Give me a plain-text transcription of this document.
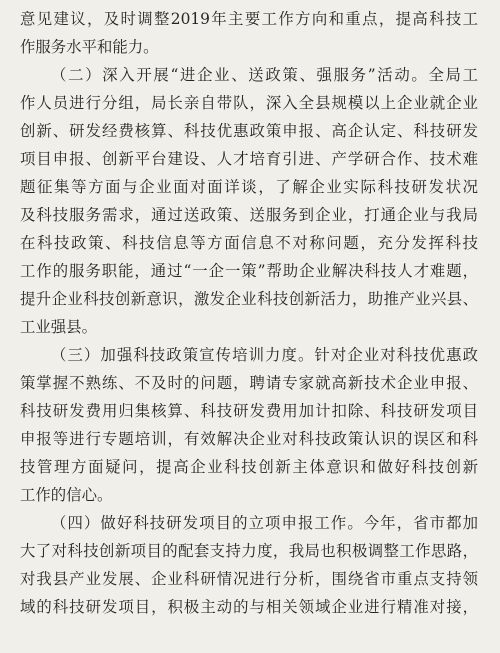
意见建议，及时调整2019年主要工作方向和重点，提高科技工
作服务水平和能力。
（二）深入开展“进企业、送政策、强服务”活动。全局工
作人员进行分组，局长亲自带队，深入全县规模以上企业就企业
创新、研发经费核算、科技优惠政策申报、高企认定、科技研发
项目申报、创新平台建设、人才培育引进、产学研合作、技术难
题征集等方面与企业面对面详谈，了解企业实际科技研发状况
及科技服务需求，通过送政策、送服务到企业，打通企业与我局
在科技政策、科技信息等方面信息不对称问题，充分发挥科技
工作的服务职能，通过“一企一策”帮助企业解决科技人才难题，
提升企业科技创新意识，激发企业科技创新活力，助推产业兴县、
工业强县。
（三）加强科技政策宣传培训力度。针对企业对科技优惠政
策掌握不熟练、不及时的问题，聘请专家就高新技术企业申报、
科技研发费用归集核算、科技研发费用加计扣除、科技研发项目
申报等进行专题培训，有效解决企业对科技政策认识的误区和科
技管理方面疑问，提高企业科技创新主体意识和做好科技创新
工作的信心。
（四）做好科技研发项目的立项申报工作。今年，省市都加
大了对科技创新项目的配套支持力度，我局也积极调整工作思路，
对我县产业发展、企业科研情况进行分析，围绕省市重点支持领
域的科技研发项目，积极主动的与相关领域企业进行精准对接，
